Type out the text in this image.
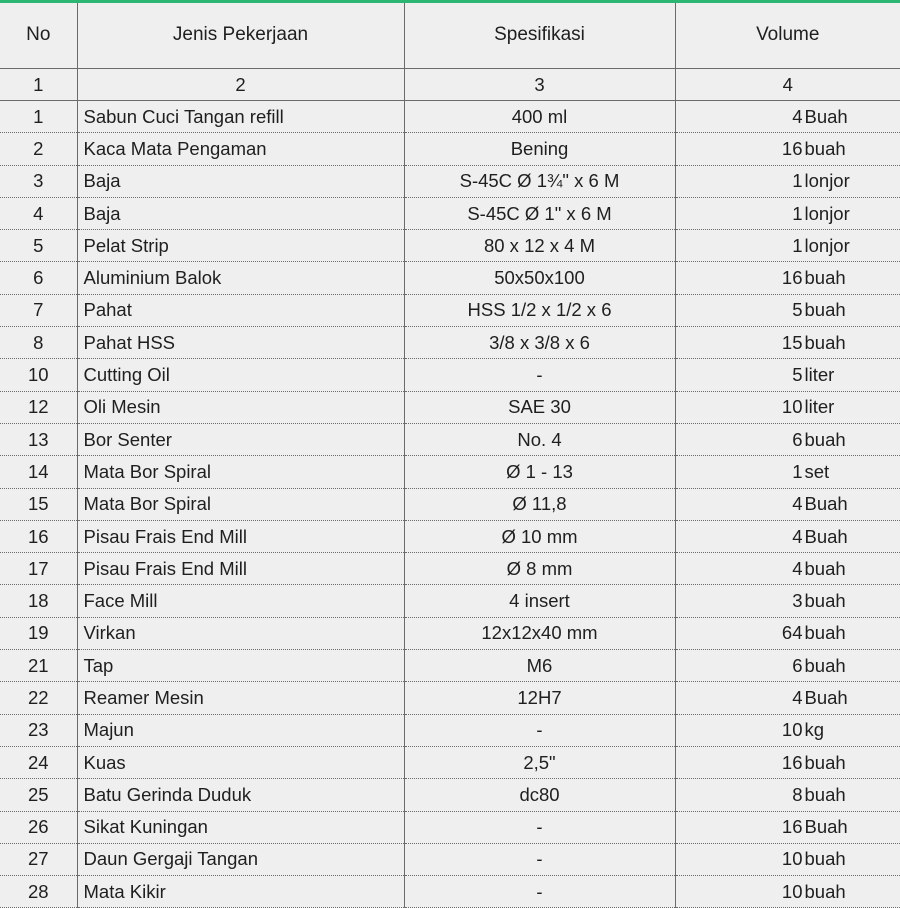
No	Jenis Pekerjaan	Spesifikasi	Volume
1	2	3	4
1	Sabun Cuci Tangan refill	400 ml	4 Buah

2	Kaca Mata Pengaman	Bening	16 buah

3	Baja	S-45C Ø 1¾" x 6 M	1 lonjor

4	Baja	S-45C Ø 1" x 6 M	1 lonjor

5	Pelat Strip	80 x 12 x 4 M	1 lonjor

6	Aluminium Balok	50x50x100	16 buah

7	Pahat	HSS 1/2 x 1/2 x 6	5 buah

8	Pahat HSS	3/8 x 3/8 x 6	15 buah

10	Cutting Oil	-	5 liter

12	Oli Mesin	SAE 30	10 liter

13	Bor Senter	No. 4	6 buah

14	Mata Bor Spiral	Ø 1 - 13	1 set

15	Mata Bor Spiral	Ø 11,8	4 Buah

16	Pisau Frais End Mill	Ø 10 mm	4 Buah

17	Pisau Frais End Mill	Ø 8 mm	4 buah

18	Face Mill	4 insert	3 buah

19	Virkan	12x12x40 mm	64 buah

21	Tap	M6	6 buah

22	Reamer Mesin	12H7	4 Buah

23	Majun	-	10 kg

24	Kuas	2,5"	16 buah

25	Batu Gerinda Duduk	dc80	8 buah

26	Sikat Kuningan	-	16 Buah

27	Daun Gergaji Tangan	-	10 buah

28	Mata Kikir	-	10 buah
